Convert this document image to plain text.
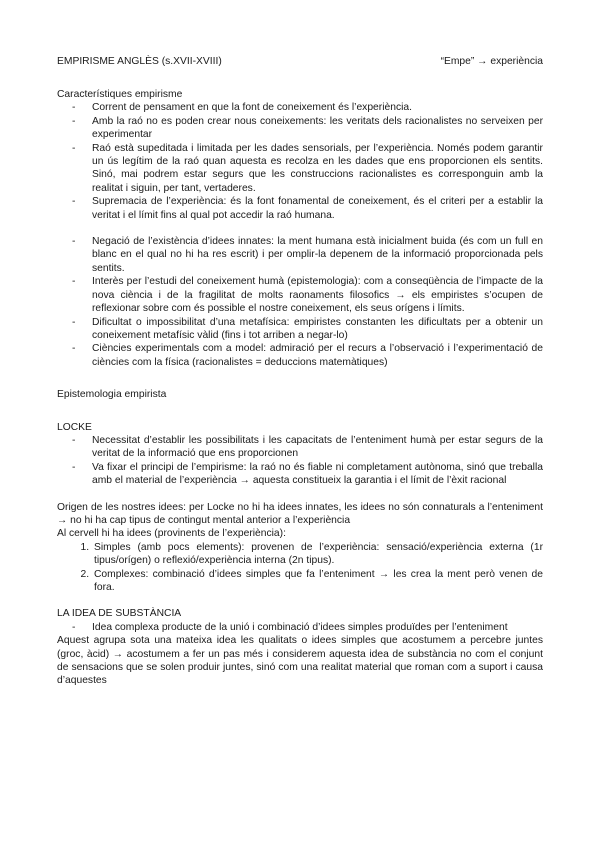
EMPIRISME ANGLÈS (s.XVII-XVIII)	“Empe” → experiència

Característiques empirisme

- Corrent de pensament en que la font de coneixement és l’experiència.
- Amb la raó no es poden crear nous coneixements: les veritats dels racionalistes no serveixen per experimentar
- Raó està supeditada i limitada per les dades sensorials, per l’experiència. Només podem garantir un ús legítim de la raó quan aquesta es recolza en les dades que ens proporcionen els sentits. Sinó, mai podrem estar segurs que les construccions racionalistes es corresponguin amb la realitat i siguin, per tant, vertaderes.
- Supremacia de l’experiència: és la font fonamental de coneixement, és el criteri per a establir la veritat i el límit fins al qual pot accedir la raó humana.
- Negació de l’existència d’idees innates: la ment humana està inicialment buida (és com un full en blanc en el qual no hi ha res escrit) i per omplir-la depenem de la informació proporcionada pels sentits.
- Interès per l’estudi del coneixement humà (epistemologia): com a conseqüència de l’impacte de la nova ciència i de la fragilitat de molts raonaments filosofics → els empiristes s’ocupen de reflexionar sobre com és possible el nostre coneixement, els seus orígens i límits.
- Dificultat o impossibilitat d’una metafísica: empiristes constanten les dificultats per a obtenir un coneixement metafísic vàlid (fins i tot arriben a negar-lo)
- Ciències experimentals com a model: admiració per el recurs a l’observació i l’experimentació de ciències com la física (racionalistes = deduccions matemàtiques)

Epistemologia empirista

LOCKE

- Necessitat d’establir les possibilitats i les capacitats de l’enteniment humà per estar segurs de la veritat de la informació que ens proporcionen
- Va fixar el principi de l’empirisme: la raó no és fiable ni completament autònoma, sinó que treballa amb el material de l’experiència → aquesta constitueix la garantia i el límit de l’èxit racional

Origen de les nostres idees: per Locke no hi ha idees innates, les idees no són connaturals a l’enteniment → no hi ha cap tipus de contingut mental anterior a l’experiència

Al cervell hi ha idees (provinents de l’experiència):

1. Simples (amb pocs elements): provenen de l’experiència: sensació/experiència externa (1r tipus/orígen) o reflexió/experiència interna (2n tipus).
2. Complexes: combinació d’idees simples que fa l’enteniment → les crea la ment però venen de fora.

LA IDEA DE SUBSTÀNCIA

- Idea complexa producte de la unió i combinació d’idees simples produïdes per l’enteniment

Aquest agrupa sota una mateixa idea les qualitats o idees simples que acostumem a percebre juntes (groc, àcid) → acostumem a fer un pas més i considerem aquesta idea de substància no com el conjunt de sensacions que se solen produir juntes, sinó com una realitat material que roman com a suport i causa d’aquestes
